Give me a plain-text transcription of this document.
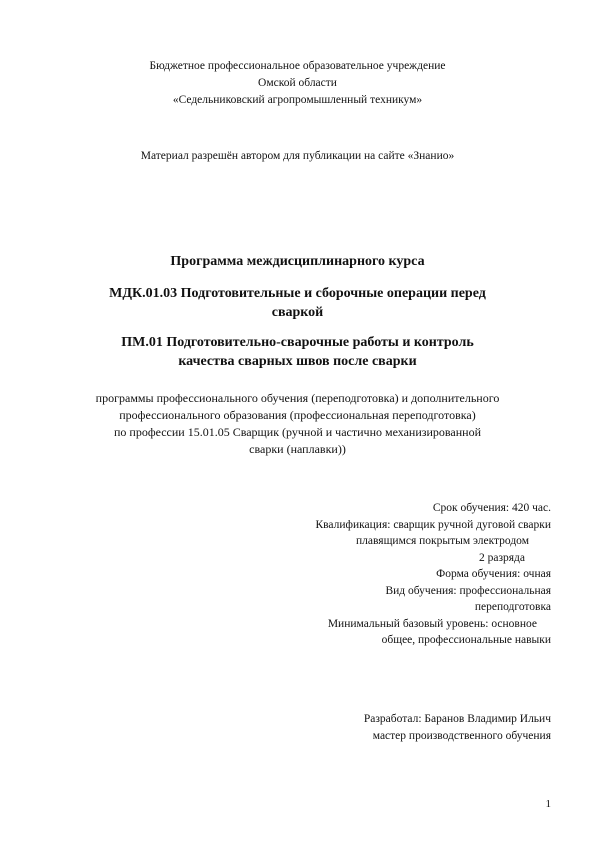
Бюджетное профессиональное образовательное учреждение
Омской области
«Седельниковский агропромышленный техникум»
Материал разрешён автором для публикации на сайте «Знанио»
Программа междисциплинарного курса
МДК.01.03 Подготовительные и сборочные операции перед
сваркой
ПМ.01 Подготовительно-сварочные работы и контроль
качества сварных швов после сварки
программы профессионального обучения (переподготовка) и дополнительного
профессионального образования (профессиональная переподготовка)
по профессии 15.01.05 Сварщик (ручной и частично механизированной
сварки (наплавки))
Срок обучения: 420 час.
Квалификация: сварщик ручной дуговой сварки
плавящимся покрытым электродом
2 разряда
Форма обучения: очная
Вид обучения: профессиональная
переподготовка
Минимальный базовый уровень: основное
общее, профессиональные навыки
Разработал: Баранов Владимир Ильич
мастер производственного обучения
1
